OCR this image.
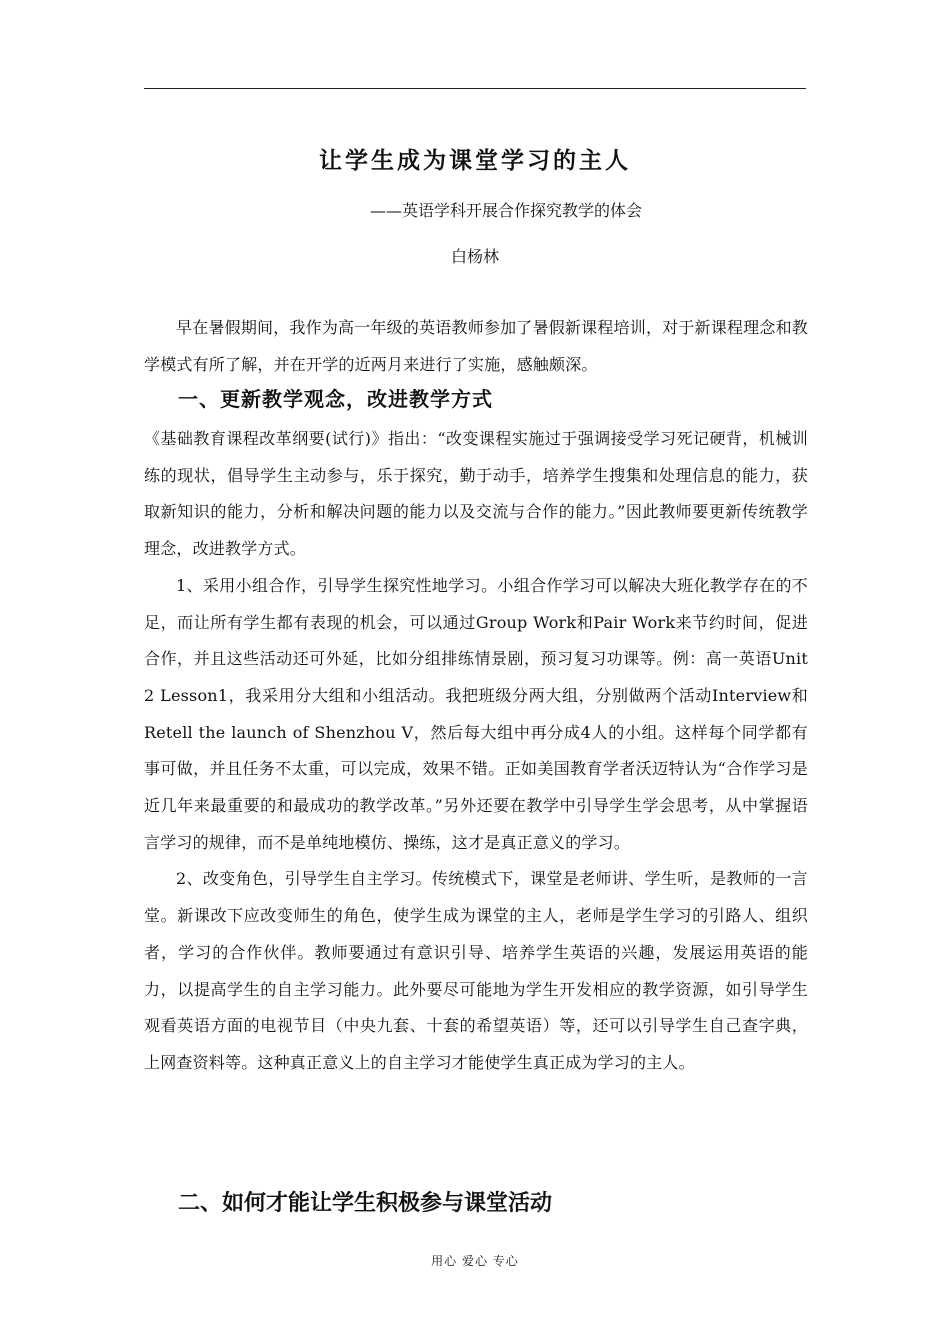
让学生成为课堂学习的主人

——英语学科开展合作探究教学的体会

白杨林

早在暑假期间，我作为高一年级的英语教师参加了暑假新课程培训，对于新课程理念和教学模式有所了解，并在开学的近两月来进行了实施，感触颇深。

一、更新教学观念，改进教学方式

《基础教育课程改革纲要(试行)》指出：“改变课程实施过于强调接受学习死记硬背，机械训练的现状，倡导学生主动参与，乐于探究，勤于动手，培养学生搜集和处理信息的能力，获取新知识的能力，分析和解决问题的能力以及交流与合作的能力。”因此教师要更新传统教学理念，改进教学方式。

1、采用小组合作，引导学生探究性地学习。小组合作学习可以解决大班化教学存在的不足，而让所有学生都有表现的机会，可以通过Group Work和Pair Work来节约时间，促进合作，并且这些活动还可外延，比如分组排练情景剧，预习复习功课等。例：高一英语Unit 2 Lesson1，我采用分大组和小组活动。我把班级分两大组，分别做两个活动Interview和Retell the launch of Shenzhou V，然后每大组中再分成4人的小组。这样每个同学都有事可做，并且任务不太重，可以完成，效果不错。正如美国教育学者沃迈特认为“合作学习是近几年来最重要的和最成功的教学改革。”另外还要在教学中引导学生学会思考，从中掌握语言学习的规律，而不是单纯地模仿、操练，这才是真正意义的学习。

2、改变角色，引导学生自主学习。传统模式下，课堂是老师讲、学生听，是教师的一言堂。新课改下应改变师生的角色，使学生成为课堂的主人，老师是学生学习的引路人、组织者，学习的合作伙伴。教师要通过有意识引导、培养学生英语的兴趣，发展运用英语的能力，以提高学生的自主学习能力。此外要尽可能地为学生开发相应的教学资源，如引导学生观看英语方面的电视节目（中央九套、十套的希望英语）等，还可以引导学生自己查字典，上网查资料等。这种真正意义上的自主学习才能使学生真正成为学习的主人。

二、如何才能让学生积极参与课堂活动

用心 爱心 专心
